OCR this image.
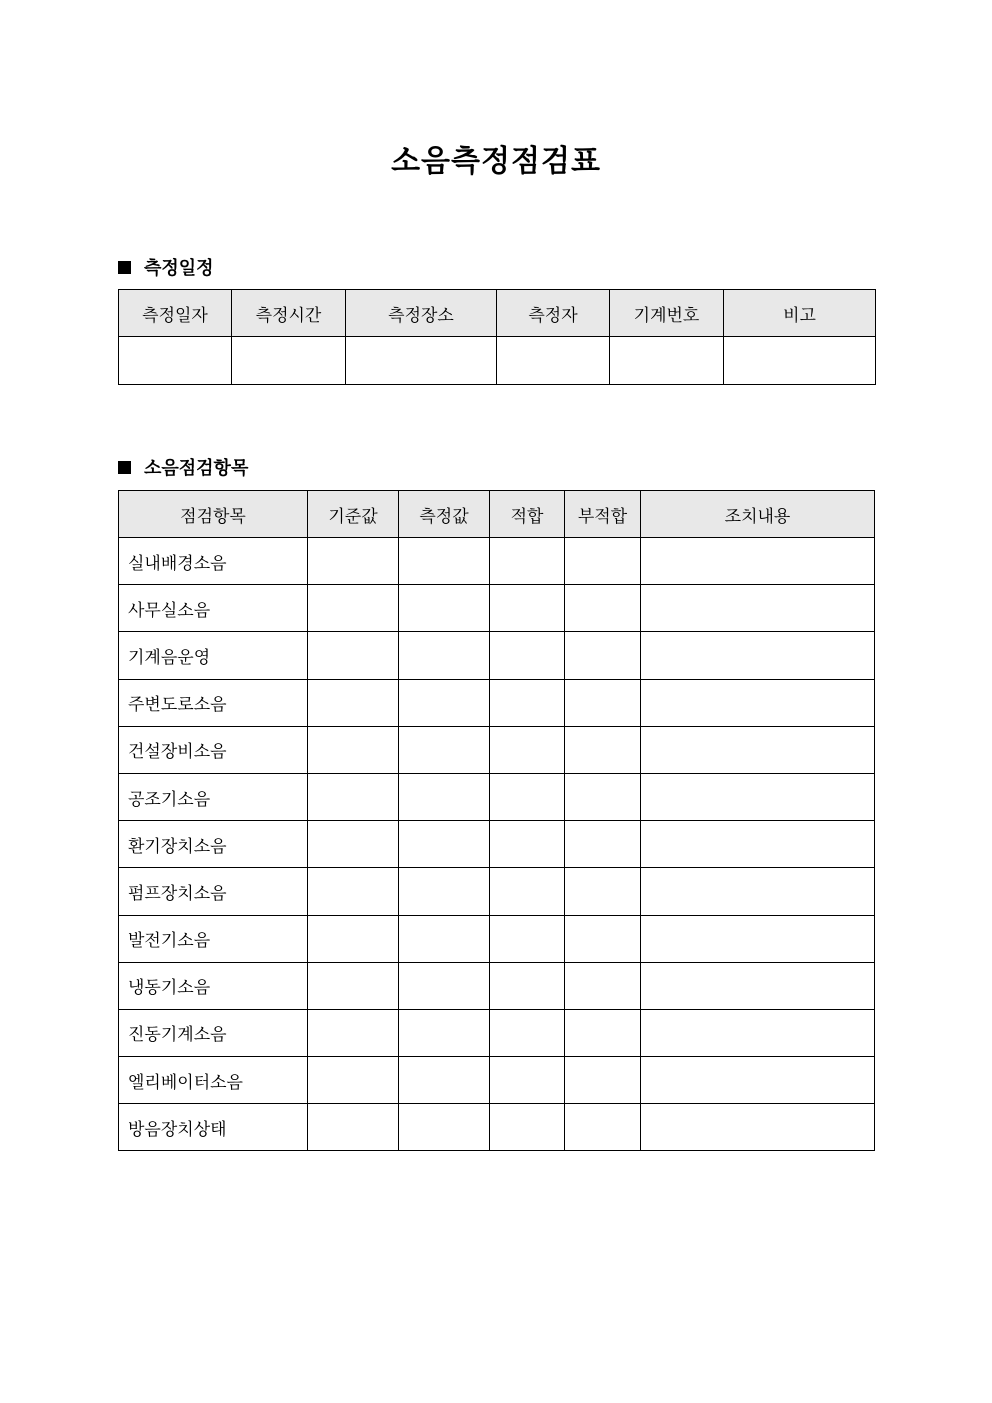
소음측정점검표
측정일정
측정일자	측정시간	측정장소	측정자	기계번호	비고

소음점검항목
점검항목	기준값	측정값	적합	부적합	조치내용
실내배경소음					
사무실소음					
기계음운영					
주변도로소음					
건설장비소음					
공조기소음					
환기장치소음					
펌프장치소음					
발전기소음					
냉동기소음					
진동기계소음					
엘리베이터소음					
방음장치상태					
